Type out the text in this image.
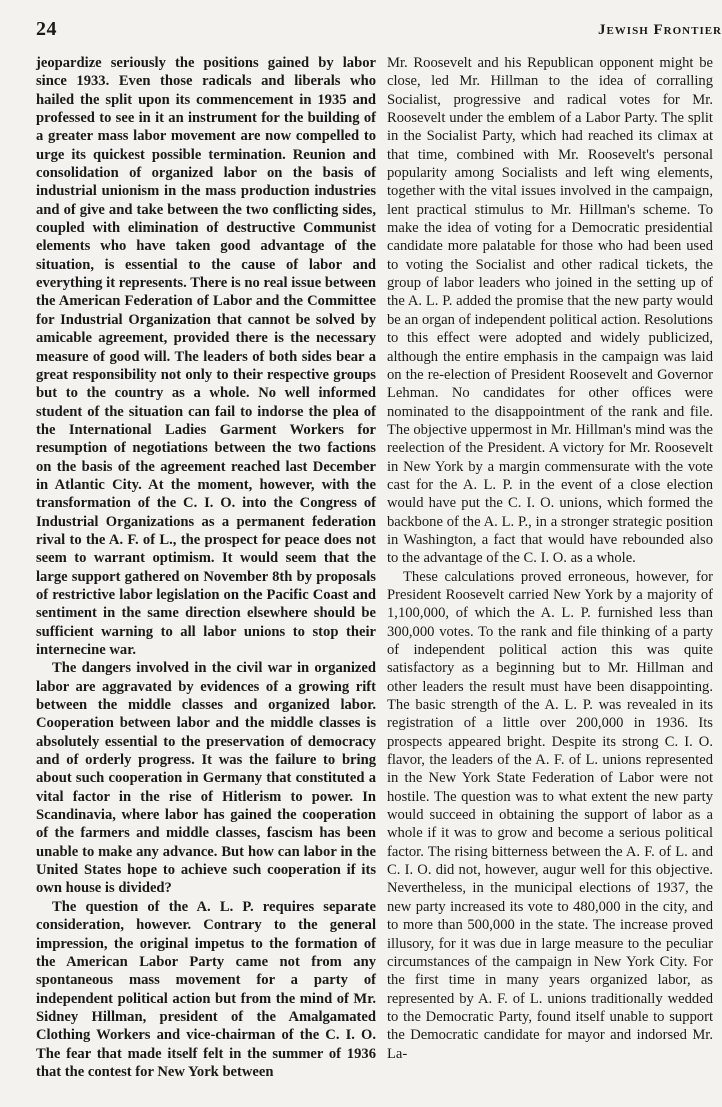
24	Jewish Frontier

jeopardize seriously the positions gained by labor since 1933. Even those radicals and liberals who hailed the split upon its commencement in 1935 and professed to see in it an instrument for the building of a greater mass labor movement are now compelled to urge its quickest possible termination. Reunion and consolidation of organized labor on the basis of industrial unionism in the mass production industries and of give and take between the two conflicting sides, coupled with elimination of destructive Communist elements who have taken good advantage of the situation, is essential to the cause of labor and everything it represents. There is no real issue between the American Federation of Labor and the Committee for Industrial Organization that cannot be solved by amicable agreement, provided there is the necessary measure of good will. The leaders of both sides bear a great responsibility not only to their respective groups but to the country as a whole. No well informed student of the situation can fail to indorse the plea of the International Ladies Garment Workers for resumption of negotiations between the two factions on the basis of the agreement reached last December in Atlantic City. At the moment, however, with the transformation of the C. I. O. into the Congress of Industrial Organizations as a permanent federation rival to the A. F. of L., the prospect for peace does not seem to warrant optimism. It would seem that the large support gathered on November 8th by proposals of restrictive labor legislation on the Pacific Coast and sentiment in the same direction elsewhere should be sufficient warning to all labor unions to stop their internecine war.

The dangers involved in the civil war in organized labor are aggravated by evidences of a growing rift between the middle classes and organized labor. Cooperation between labor and the middle classes is absolutely essential to the preservation of democracy and of orderly progress. It was the failure to bring about such cooperation in Germany that constituted a vital factor in the rise of Hitlerism to power. In Scandinavia, where labor has gained the cooperation of the farmers and middle classes, fascism has been unable to make any advance. But how can labor in the United States hope to achieve such cooperation if its own house is divided?

The question of the A. L. P. requires separate consideration, however. Contrary to the general impression, the original impetus to the formation of the American Labor Party came not from any spontaneous mass movement for a party of independent political action but from the mind of Mr. Sidney Hillman, president of the Amalgamated Clothing Workers and vice-chairman of the C. I. O. The fear that made itself felt in the summer of 1936 that the contest for New York between

Mr. Roosevelt and his Republican opponent might be close, led Mr. Hillman to the idea of corralling Socialist, progressive and radical votes for Mr. Roosevelt under the emblem of a Labor Party. The split in the Socialist Party, which had reached its climax at that time, combined with Mr. Roosevelt's personal popularity among Socialists and left wing elements, together with the vital issues involved in the campaign, lent practical stimulus to Mr. Hillman's scheme. To make the idea of voting for a Democratic presidential candidate more palatable for those who had been used to voting the Socialist and other radical tickets, the group of labor leaders who joined in the setting up of the A. L. P. added the promise that the new party would be an organ of independent political action. Resolutions to this effect were adopted and widely publicized, although the entire emphasis in the campaign was laid on the re-election of President Roosevelt and Governor Lehman. No candidates for other offices were nominated to the disappointment of the rank and file. The objective uppermost in Mr. Hillman's mind was the reelection of the President. A victory for Mr. Roosevelt in New York by a margin commensurate with the vote cast for the A. L. P. in the event of a close election would have put the C. I. O. unions, which formed the backbone of the A. L. P., in a stronger strategic position in Washington, a fact that would have rebounded also to the advantage of the C. I. O. as a whole.

These calculations proved erroneous, however, for President Roosevelt carried New York by a majority of 1,100,000, of which the A. L. P. furnished less than 300,000 votes. To the rank and file thinking of a party of independent political action this was quite satisfactory as a beginning but to Mr. Hillman and other leaders the result must have been disappointing. The basic strength of the A. L. P. was revealed in its registration of a little over 200,000 in 1936. Its prospects appeared bright. Despite its strong C. I. O. flavor, the leaders of the A. F. of L. unions represented in the New York State Federation of Labor were not hostile. The question was to what extent the new party would succeed in obtaining the support of labor as a whole if it was to grow and become a serious political factor. The rising bitterness between the A. F. of L. and C. I. O. did not, however, augur well for this objective. Nevertheless, in the municipal elections of 1937, the new party increased its vote to 480,000 in the city, and to more than 500,000 in the state. The increase proved illusory, for it was due in large measure to the peculiar circumstances of the campaign in New York City. For the first time in many years organized labor, as represented by A. F. of L. unions traditionally wedded to the Democratic Party, found itself unable to support the Democratic candidate for mayor and indorsed Mr. La-
